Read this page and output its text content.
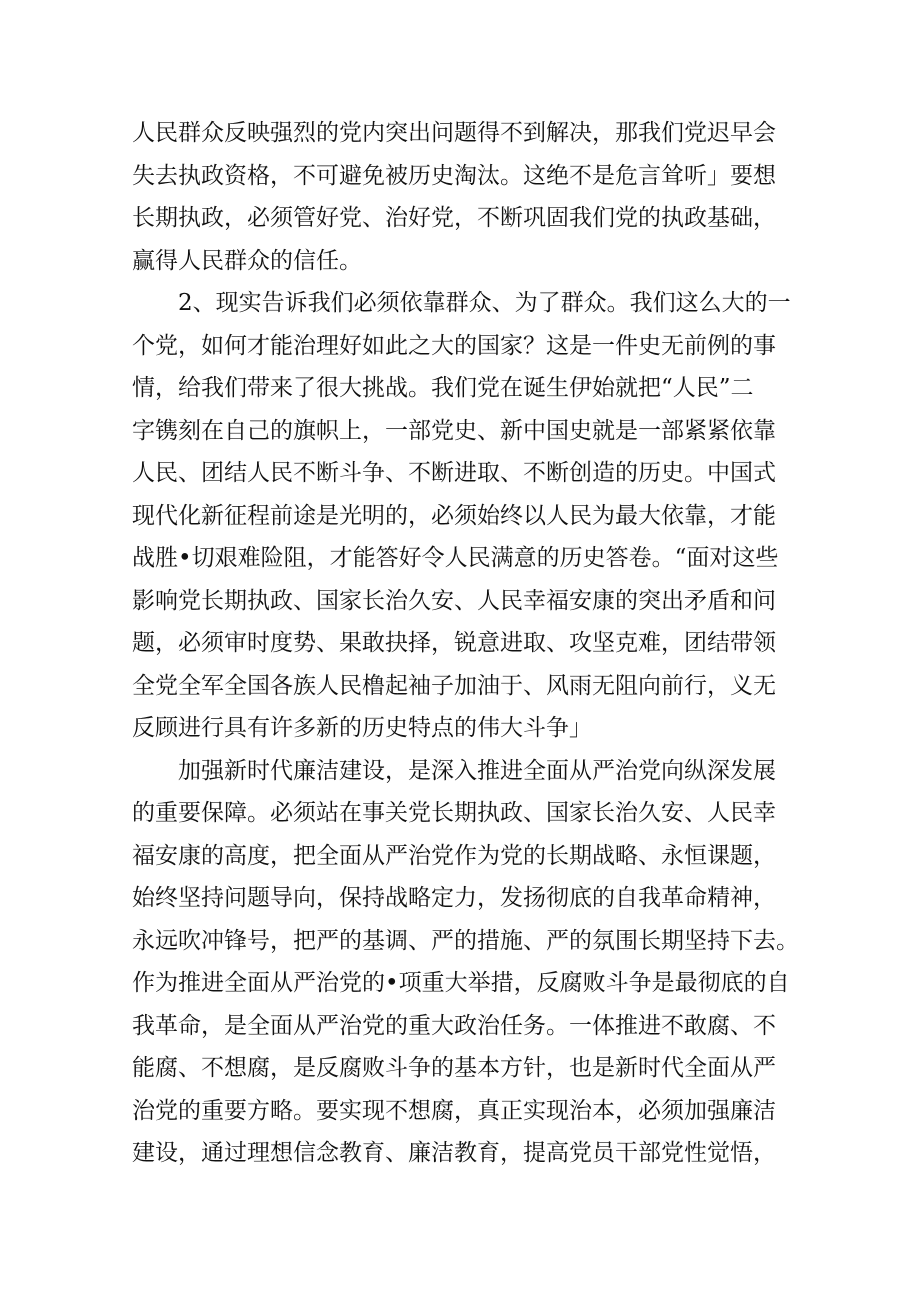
人民群众反映强烈的党内突出问题得不到解决，那我们党迟早会
失去执政资格，不可避免被历史淘汰。这绝不是危言耸听」要想
长期执政，必须管好党、治好党，不断巩固我们党的执政基础，
赢得人民群众的信任。
　　2、现实告诉我们必须依靠群众、为了群众。我们这么大的一
个党，如何才能治理好如此之大的国家？这是一件史无前例的事
情，给我们带来了很大挑战。我们党在诞生伊始就把“人民”二
字镌刻在自己的旗帜上，一部党史、新中国史就是一部紧紧依靠
人民、团结人民不断斗争、不断进取、不断创造的历史。中国式
现代化新征程前途是光明的，必须始终以人民为最大依靠，才能
战胜•切艰难险阻，才能答好令人民满意的历史答卷。“面对这些
影响党长期执政、国家长治久安、人民幸福安康的突出矛盾和问
题，必须审时度势、果敢抉择，锐意进取、攻坚克难，团结带领
全党全军全国各族人民橹起袖子加油于、风雨无阻向前行，义无
反顾进行具有许多新的历史特点的伟大斗争」
　　加强新时代廉洁建设，是深入推进全面从严治党向纵深发展
的重要保障。必须站在事关党长期执政、国家长治久安、人民幸
福安康的高度，把全面从严治党作为党的长期战略、永恒课题，
始终坚持问题导向，保持战略定力，发扬彻底的自我革命精神，
永远吹冲锋号，把严的基调、严的措施、严的氛围长期坚持下去。
作为推进全面从严治党的•项重大举措，反腐败斗争是最彻底的自
我革命，是全面从严治党的重大政治任务。一体推进不敢腐、不
能腐、不想腐，是反腐败斗争的基本方针，也是新时代全面从严
治党的重要方略。要实现不想腐，真正实现治本，必须加强廉洁
建设，通过理想信念教育、廉洁教育，提高党员干部党性觉悟，
